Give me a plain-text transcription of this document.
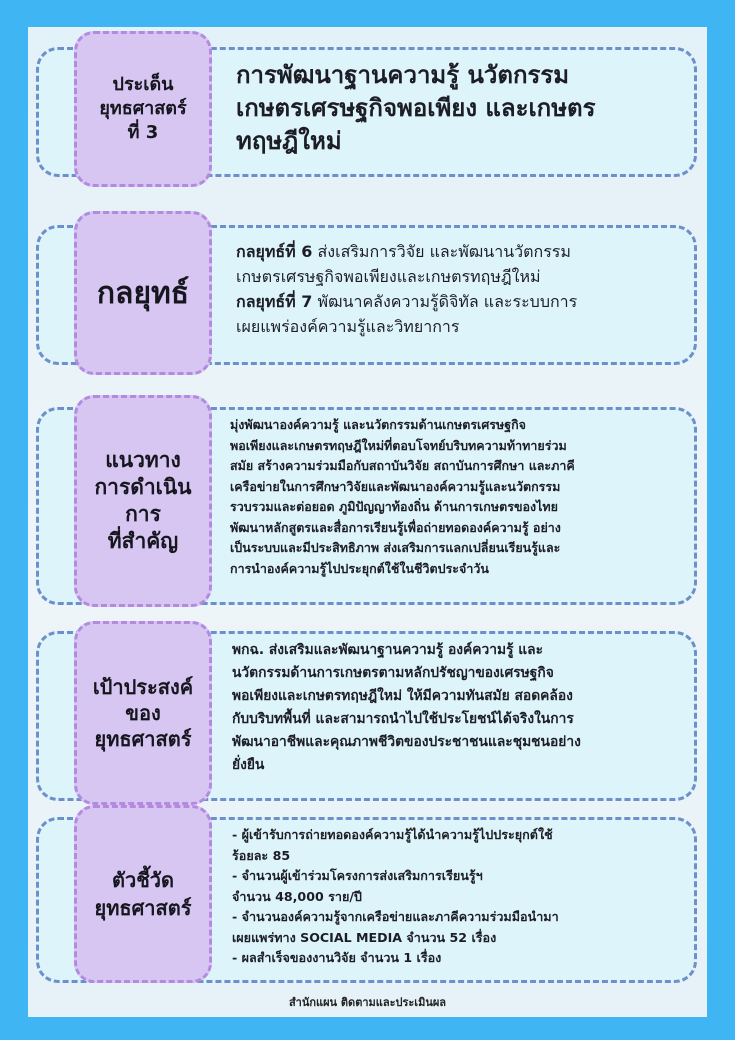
ประเด็น
ยุทธศาสตร์
ที่ 3
การพัฒนาฐานความรู้ นวัตกรรม
เกษตรเศรษฐกิจพอเพียง และเกษตร
ทฤษฎีใหม่
กลยุทธ์
กลยุทธ์ที่ 6 ส่งเสริมการวิจัย และพัฒนานวัตกรรม
เกษตรเศรษฐกิจพอเพียงและเกษตรทฤษฎีใหม่
กลยุทธ์ที่ 7 พัฒนาคลังความรู้ดิจิทัล และระบบการ
เผยแพร่องค์ความรู้และวิทยาการ
แนวทาง
การดำเนิน
การ
ที่สำคัญ
มุ่งพัฒนาองค์ความรู้ และนวัตกรรมด้านเกษตรเศรษฐกิจ
พอเพียงและเกษตรทฤษฎีใหม่ที่ตอบโจทย์บริบทความท้าทายร่วม
สมัย สร้างความร่วมมือกับสถาบันวิจัย สถาบันการศึกษา และภาคี
เครือข่ายในการศึกษาวิจัยและพัฒนาองค์ความรู้และนวัตกรรม
รวบรวมและต่อยอด ภูมิปัญญาท้องถิ่น ด้านการเกษตรของไทย
พัฒนาหลักสูตรและสื่อการเรียนรู้เพื่อถ่ายทอดองค์ความรู้ อย่าง
เป็นระบบและมีประสิทธิภาพ ส่งเสริมการแลกเปลี่ยนเรียนรู้และ
การนำองค์ความรู้ไปประยุกต์ใช้ในชีวิตประจำวัน
เป้าประสงค์
ของ
ยุทธศาสตร์
พกฉ. ส่งเสริมและพัฒนาฐานความรู้ องค์ความรู้ และ
นวัตกรรมด้านการเกษตรตามหลักปรัชญาของเศรษฐกิจ
พอเพียงและเกษตรทฤษฎีใหม่ ให้มีความทันสมัย สอดคล้อง
กับบริบทพื้นที่ และสามารถนำไปใช้ประโยชน์ได้จริงในการ
พัฒนาอาชีพและคุณภาพชีวิตของประชาชนและชุมชนอย่าง
ยั่งยืน
ตัวชี้วัด
ยุทธศาสตร์
- ผู้เข้ารับการถ่ายทอดองค์ความรู้ได้นำความรู้ไปประยุกต์ใช้
ร้อยละ 85
- จำนวนผู้เข้าร่วมโครงการส่งเสริมการเรียนรู้ฯ
จำนวน 48,000 ราย/ปี
- จำนวนองค์ความรู้จากเครือข่ายและภาคีความร่วมมือนำมา
เผยแพร่ทาง SOCIAL MEDIA จำนวน 52 เรื่อง
- ผลสำเร็จของงานวิจัย จำนวน 1 เรื่อง
สำนักแผน ติดตามและประเมินผล
